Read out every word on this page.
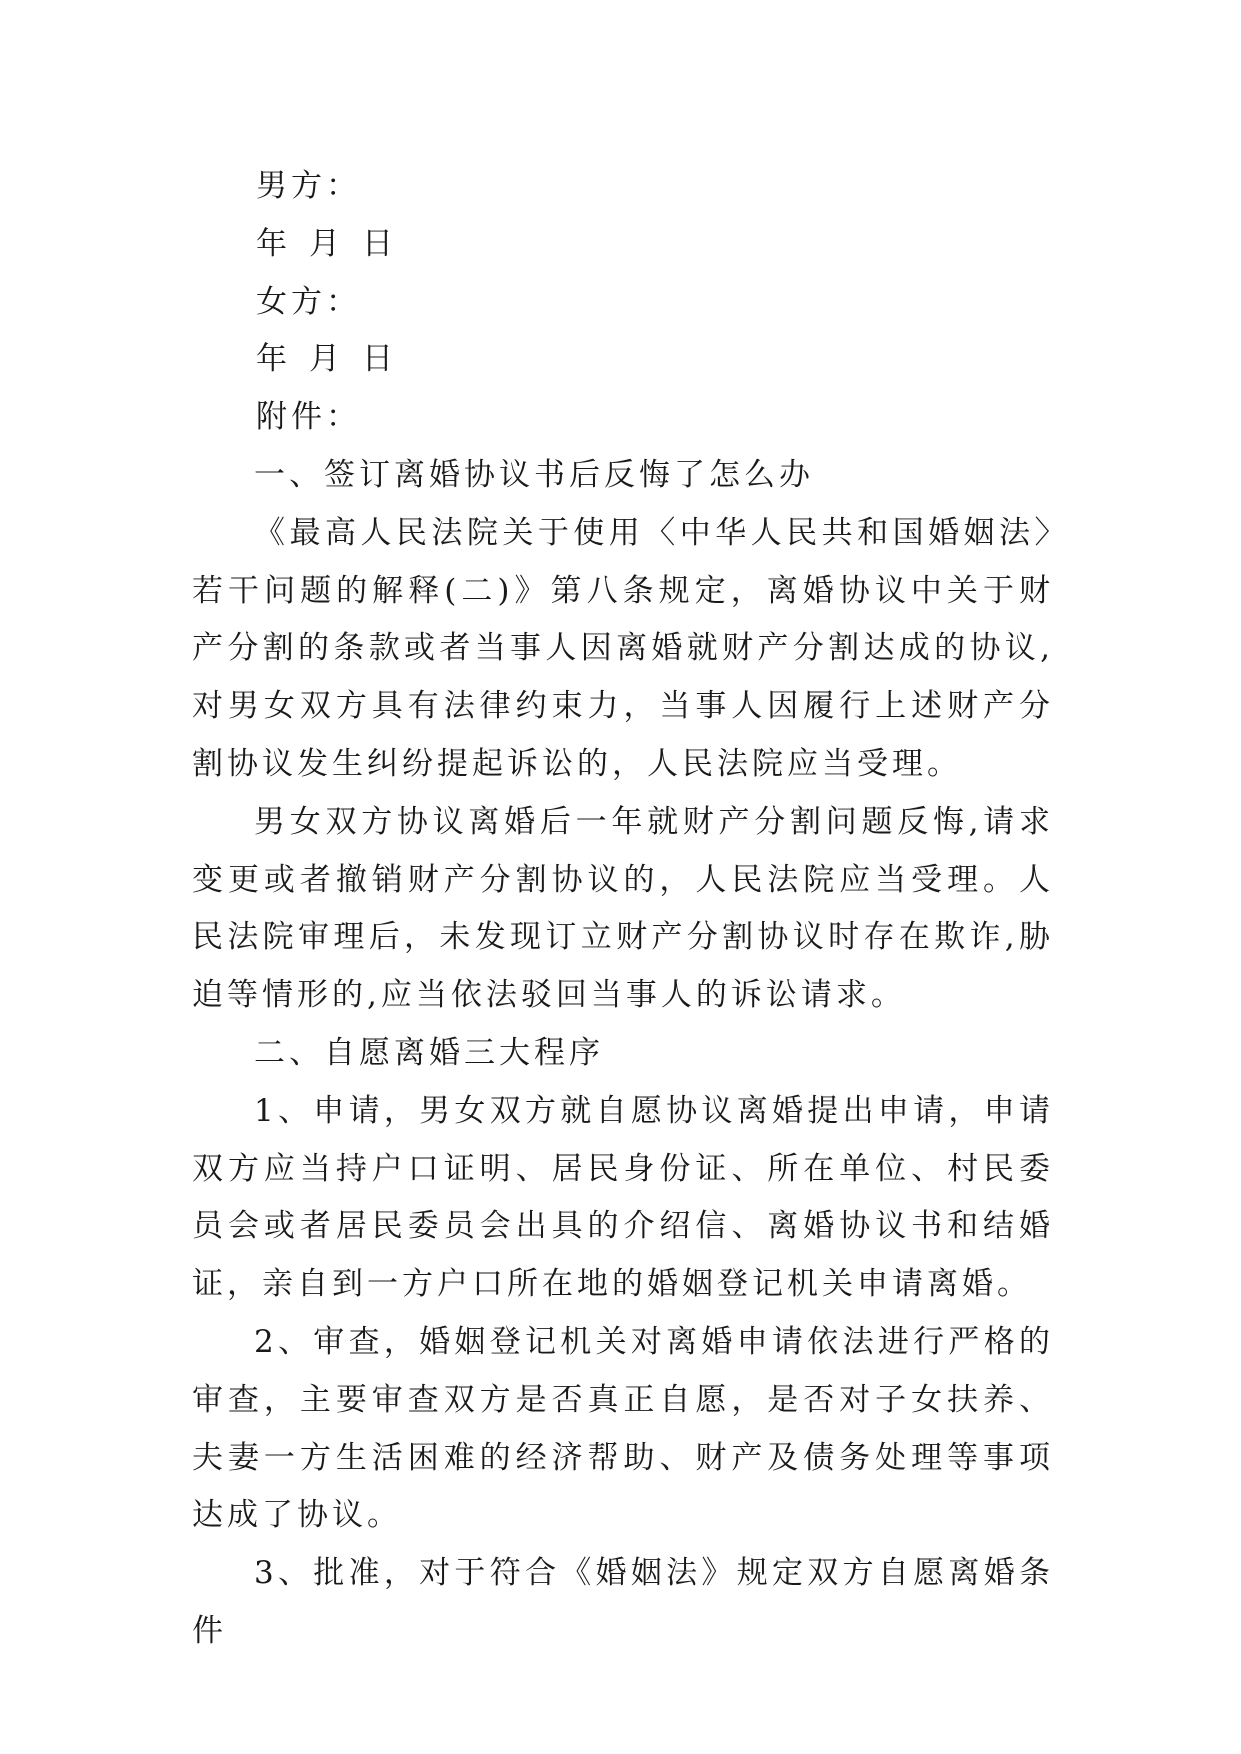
男方：

年 月 日

女方：

年 月 日

附件：

一、签订离婚协议书后反悔了怎么办

《最高人民法院关于使用〈中华人民共和国婚姻法〉若干问题的解释(二)》第八条规定，离婚协议中关于财产分割的条款或者当事人因离婚就财产分割达成的协议,对男女双方具有法律约束力，当事人因履行上述财产分割协议发生纠纷提起诉讼的，人民法院应当受理。

男女双方协议离婚后一年就财产分割问题反悔,请求变更或者撤销财产分割协议的，人民法院应当受理。人民法院审理后，未发现订立财产分割协议时存在欺诈,胁迫等情形的,应当依法驳回当事人的诉讼请求。

二、自愿离婚三大程序

1、申请，男女双方就自愿协议离婚提出申请，申请双方应当持户口证明、居民身份证、所在单位、村民委员会或者居民委员会出具的介绍信、离婚协议书和结婚证，亲自到一方户口所在地的婚姻登记机关申请离婚。

2、审查，婚姻登记机关对离婚申请依法进行严格的审查，主要审查双方是否真正自愿，是否对子女扶养、夫妻一方生活困难的经济帮助、财产及债务处理等事项达成了协议。

3、批准，对于符合《婚姻法》规定双方自愿离婚条件
